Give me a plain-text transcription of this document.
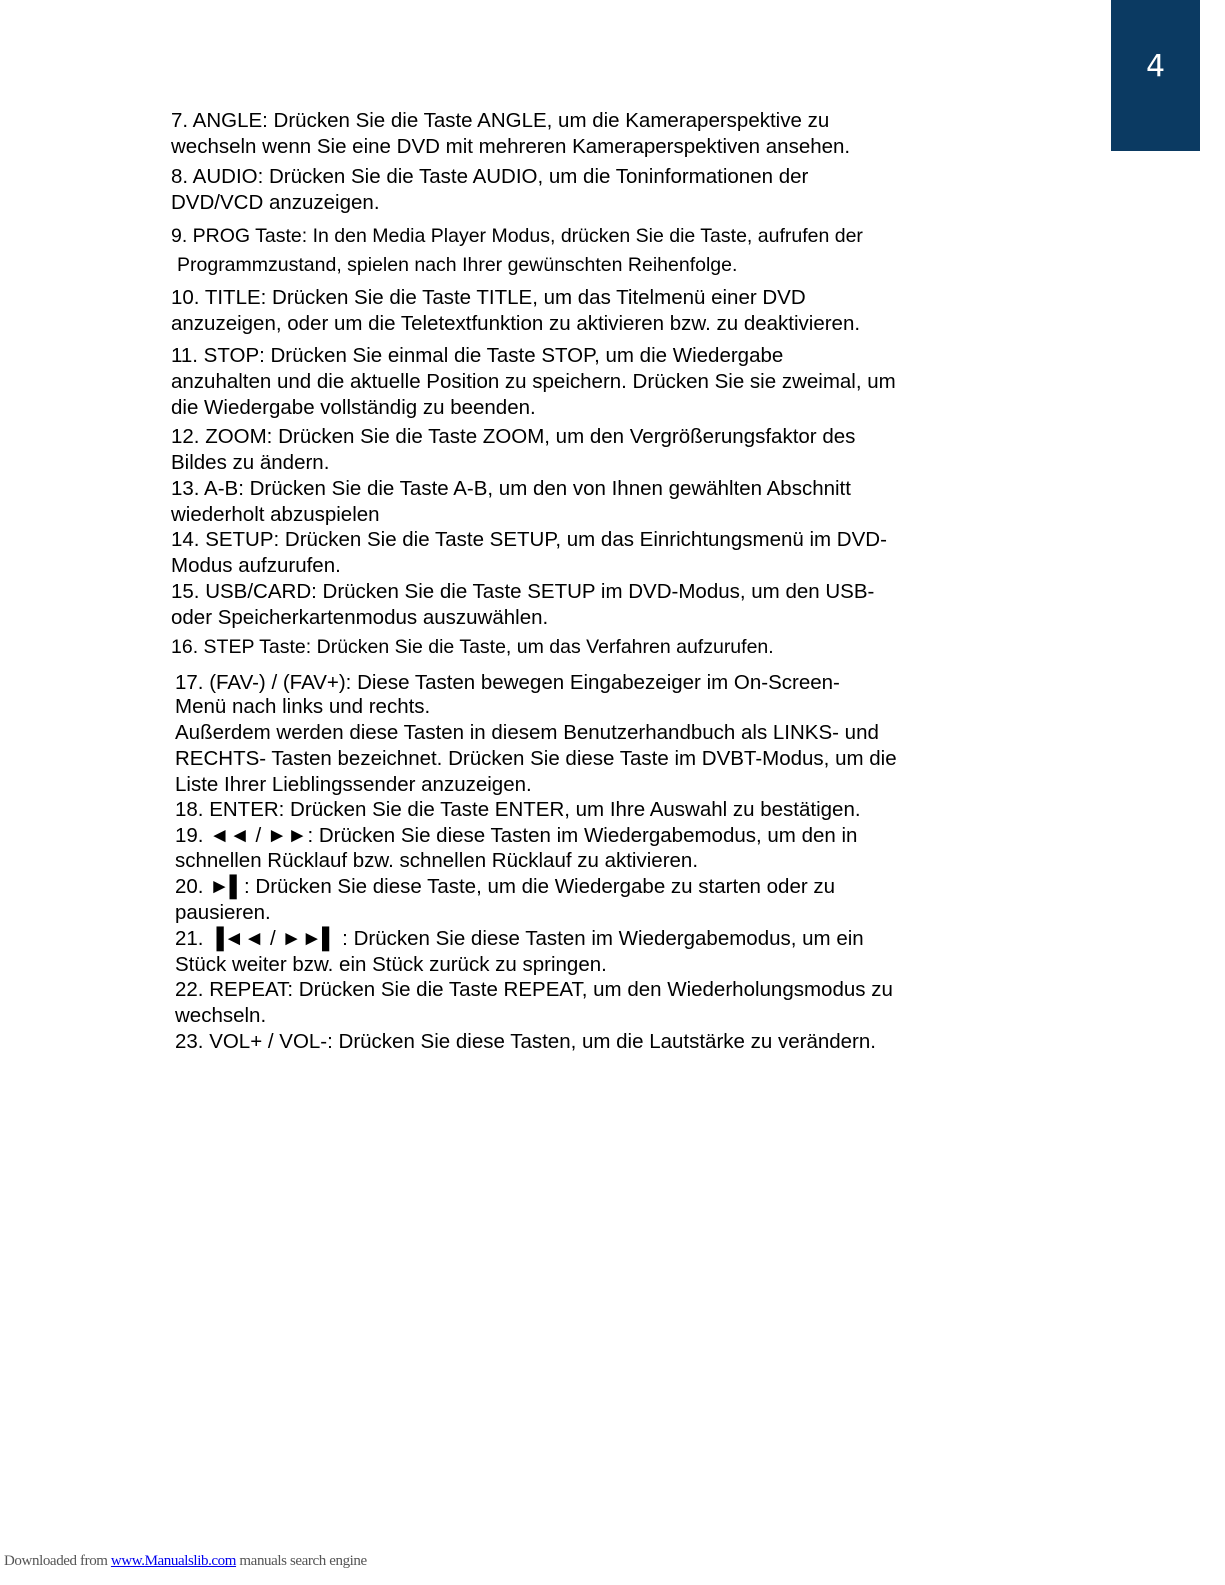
4
7. ANGLE: Drücken Sie die Taste ANGLE, um die Kameraperspektive zu
wechseln wenn Sie eine DVD mit mehreren Kameraperspektiven ansehen.
8. AUDIO: Drücken Sie die Taste AUDIO, um die Toninformationen der
DVD/VCD anzuzeigen.
9. PROG Taste: In den Media Player Modus, drücken Sie die Taste, aufrufen der
Programmzustand, spielen nach Ihrer gewünschten Reihenfolge.
10. TITLE: Drücken Sie die Taste TITLE, um das Titelmenü einer DVD
anzuzeigen, oder um die Teletextfunktion zu aktivieren bzw. zu deaktivieren.
11. STOP: Drücken Sie einmal die Taste STOP, um die Wiedergabe
anzuhalten und die aktuelle Position zu speichern. Drücken Sie sie zweimal, um
die Wiedergabe vollständig zu beenden.
12. ZOOM: Drücken Sie die Taste ZOOM, um den Vergrößerungsfaktor des
Bildes zu ändern.
13. A-B: Drücken Sie die Taste A-B, um den von Ihnen gewählten Abschnitt
wiederholt abzuspielen
14. SETUP: Drücken Sie die Taste SETUP, um das Einrichtungsmenü im DVD-
Modus aufzurufen.
15. USB/CARD: Drücken Sie die Taste SETUP im DVD-Modus, um den USB-
oder Speicherkartenmodus auszuwählen.
16. STEP Taste: Drücken Sie die Taste, um das Verfahren aufzurufen.
17. (FAV-) / (FAV+): Diese Tasten bewegen Eingabezeiger im On-Screen-
Menü nach links und rechts.
Außerdem werden diese Tasten in diesem Benutzerhandbuch als LINKS- und
RECHTS- Tasten bezeichnet. Drücken Sie diese Taste im DVBT-Modus, um die
Liste Ihrer Lieblingssender anzuzeigen.
18. ENTER: Drücken Sie die Taste ENTER, um Ihre Auswahl zu bestätigen.
19. ◄◄ / ►►: Drücken Sie diese Tasten im Wiedergabemodus, um den in
schnellen Rücklauf bzw. schnellen Rücklauf zu aktivieren.
20. ►▌: Drücken Sie diese Taste, um die Wiedergabe zu starten oder zu
pausieren.
21. ▐◄◄ / ►►▌ : Drücken Sie diese Tasten im Wiedergabemodus, um ein
Stück weiter bzw. ein Stück zurück zu springen.
22. REPEAT: Drücken Sie die Taste REPEAT, um den Wiederholungsmodus zu
wechseln.
23. VOL+ / VOL-: Drücken Sie diese Tasten, um die Lautstärke zu verändern.
Downloaded from www.Manualslib.com manuals search engine
